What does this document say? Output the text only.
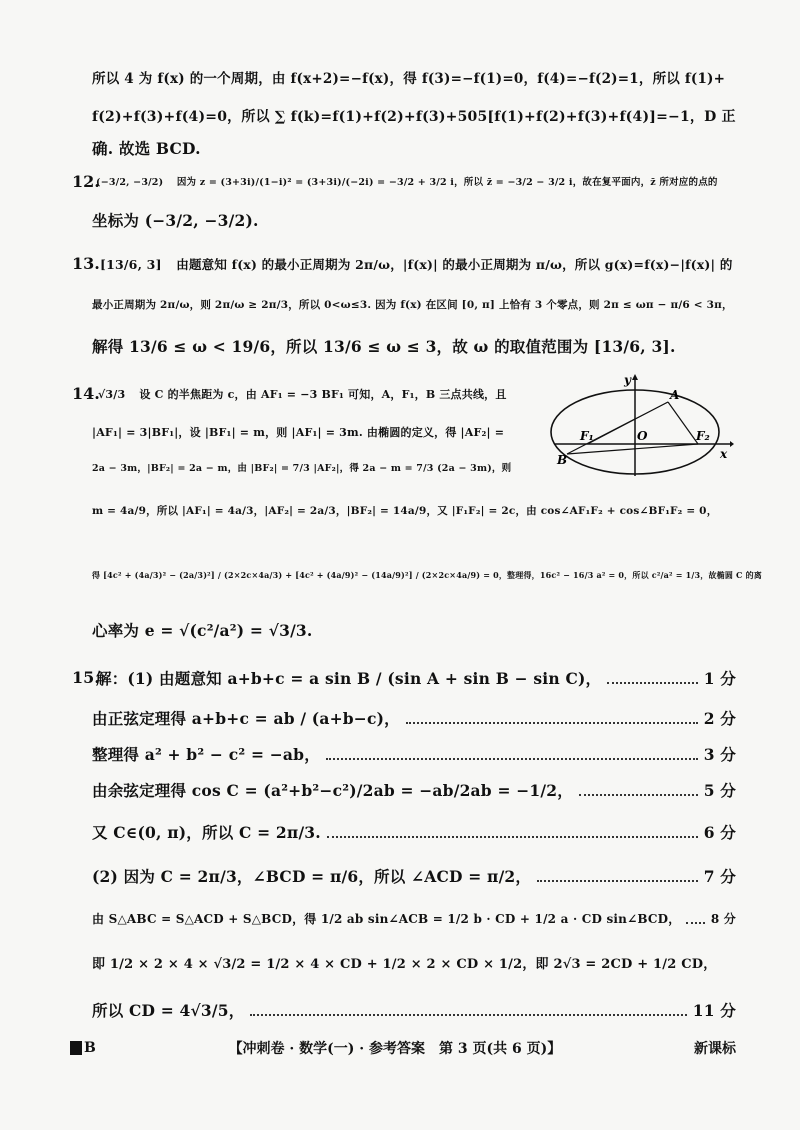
所以 4 为 f(x) 的一个周期，由 f(x+2)=−f(x)，得 f(3)=−f(1)=0，f(4)=−f(2)=1，所以 f(1)+
f(2)+f(3)+f(4)=0，所以 ∑ f(k)=f(1)+f(2)+f(3)+505[f(1)+f(2)+f(3)+f(4)]=−1，D 正
确. 故选 BCD.
12.
(−3/2, −3/2) 因为 z = (3+3i)/(1−i)² = (3+3i)/(−2i) = −3/2 + 3/2 i，所以 z̄ = −3/2 − 3/2 i，故在复平面内，z̄ 所对应的点的
坐标为 (−3/2, −3/2).
13. [13/6, 3] 由题意知 f(x) 的最小正周期为 2π/ω，|f(x)| 的最小正周期为 π/ω，所以 g(x)=f(x)−|f(x)| 的
最小正周期为 2π/ω，则 2π/ω ≥ 2π/3，所以 0<ω≤3. 因为 f(x) 在区间 [0, π] 上恰有 3 个零点，则 2π ≤ ωπ − π/6 < 3π，
解得 13/6 ≤ ω < 19/6，所以 13/6 ≤ ω ≤ 3，故 ω 的取值范围为 [13/6, 3].
14.
√3/3 设 C 的半焦距为 c，由 AF₁ = −3 BF₁ 可知，A，F₁，B 三点共线，且
|AF₁| = 3|BF₁|，设 |BF₁| = m，则 |AF₁| = 3m. 由椭圆的定义，得 |AF₂| =
2a − 3m，|BF₂| = 2a − m，由 |BF₂| = 7/3 |AF₂|，得 2a − m = 7/3 (2a − 3m)，则
y
x
A
B
O
F₁	F₂
m = 4a/9，所以 |AF₁| = 4a/3，|AF₂| = 2a/3，|BF₂| = 14a/9，又 |F₁F₂| = 2c，由 cos∠AF₁F₂ + cos∠BF₁F₂ = 0，
得 [4c² + (4a/3)² − (2a/3)²] / (2×2c×4a/3) + [4c² + (4a/9)² − (14a/9)²] / (2×2c×4a/9) = 0，整理得，16c² − 16/3 a² = 0，所以 c²/a² = 1/3，故椭圆 C 的离
心率为 e = √(c²/a²) = √3/3.
15.
解：(1) 由题意知 a+b+c = a sin B / (sin A + sin B − sin C)，	1 分
由正弦定理得 a+b+c = ab / (a+b−c)，	2 分
整理得 a² + b² − c² = −ab，	3 分
由余弦定理得 cos C = (a²+b²−c²)/2ab = −ab/2ab = −1/2，	5 分
又 C∈(0, π)，所以 C = 2π/3.	6 分
(2) 因为 C = 2π/3，∠BCD = π/6，所以 ∠ACD = π/2，	7 分
由 S△ABC = S△ACD + S△BCD，得 1/2 ab sin∠ACB = 1/2 b · CD + 1/2 a · CD sin∠BCD，	8 分
即 1/2 × 2 × 4 × √3/2 = 1/2 × 4 × CD + 1/2 × 2 × CD × 1/2，即 2√3 = 2CD + 1/2 CD，
所以 CD = 4√3/5，	11 分
B	【冲刺卷 · 数学(一) · 参考答案　第 3 页(共 6 页)】	新课标
